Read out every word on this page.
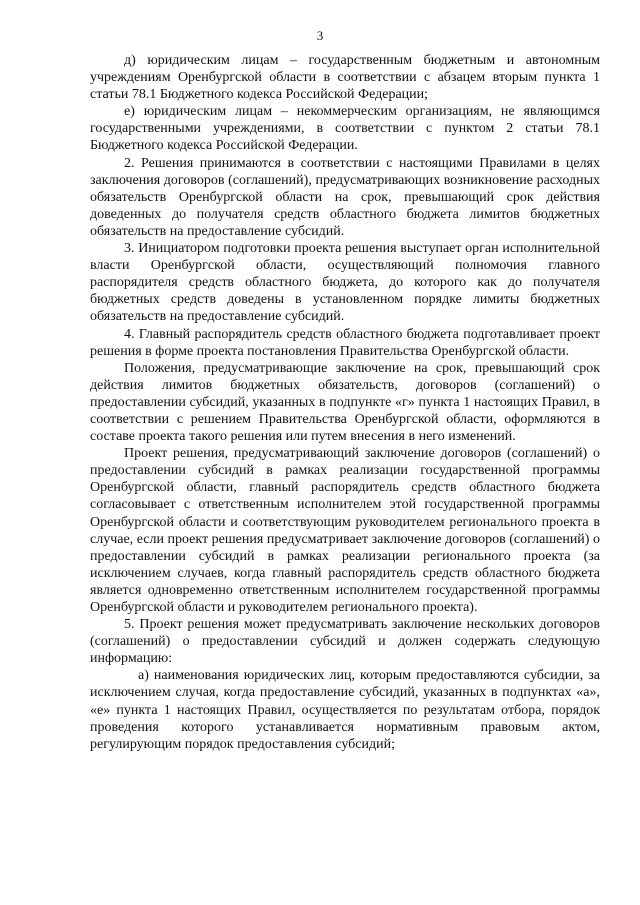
3

д) юридическим лицам – государственным бюджетным и автономным учреждениям Оренбургской области в соответствии с абзацем вторым пункта 1 статьи 78.1 Бюджетного кодекса Российской Федерации;

е) юридическим лицам – некоммерческим организациям, не являющимся государственными учреждениями, в соответствии с пунктом 2 статьи 78.1 Бюджетного кодекса Российской Федерации.

2. Решения принимаются в соответствии с настоящими Правилами в целях заключения договоров (соглашений), предусматривающих возникновение расходных обязательств Оренбургской области на срок, превышающий срок действия доведенных до получателя средств областного бюджета лимитов бюджетных обязательств на предоставление субсидий.

3. Инициатором подготовки проекта решения выступает орган исполнительной власти Оренбургской области, осуществляющий полномочия главного распорядителя средств областного бюджета, до которого как до получателя бюджетных средств доведены в установленном порядке лимиты бюджетных обязательств на предоставление субсидий.

4. Главный распорядитель средств областного бюджета подготавливает проект решения в форме проекта постановления Правительства Оренбургской области.

Положения, предусматривающие заключение на срок, превышающий срок действия лимитов бюджетных обязательств, договоров (соглашений) о предоставлении субсидий, указанных в подпункте «г» пункта 1 настоящих Правил, в соответствии с решением Правительства Оренбургской области, оформляются в составе проекта такого решения или путем внесения в него изменений.

Проект решения, предусматривающий заключение договоров (соглашений) о предоставлении субсидий в рамках реализации государственной программы Оренбургской области, главный распорядитель средств областного бюджета согласовывает с ответственным исполнителем этой государственной программы Оренбургской области и соответствующим руководителем регионального проекта в случае, если проект решения предусматривает заключение договоров (соглашений) о предоставлении субсидий в рамках реализации регионального проекта (за исключением случаев, когда главный распорядитель средств областного бюджета является одновременно ответственным исполнителем государственной программы Оренбургской области и руководителем регионального проекта).

5. Проект решения может предусматривать заключение нескольких договоров (соглашений) о предоставлении субсидий и должен содержать следующую информацию:

а) наименования юридических лиц, которым предоставляются субсидии, за исключением случая, когда предоставление субсидий, указанных в подпунктах «а», «е» пункта 1 настоящих Правил, осуществляется по результатам отбора, порядок проведения которого устанавливается нормативным правовым актом, регулирующим порядок предоставления субсидий;
